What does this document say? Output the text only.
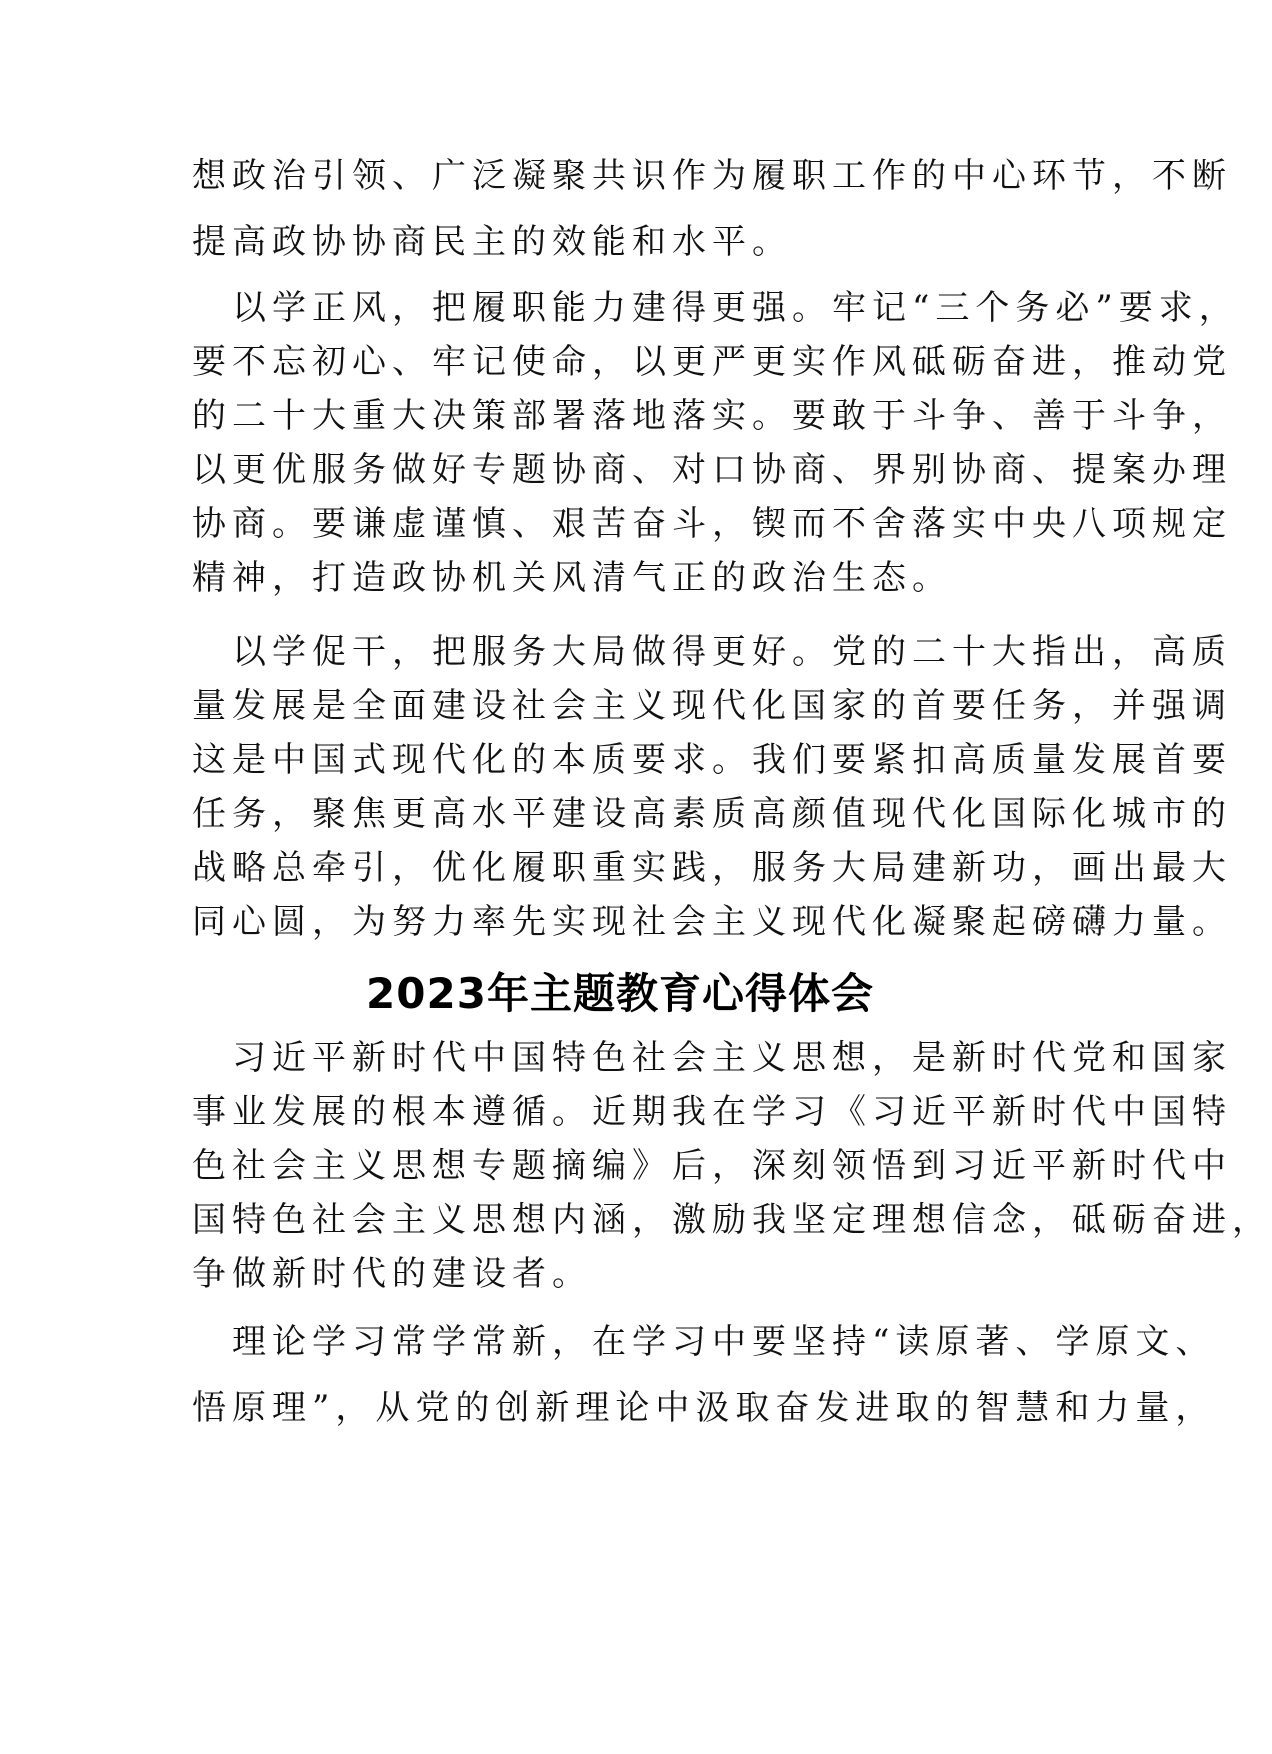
想政治引领、广泛凝聚共识作为履职工作的中心环节，不断
提高政协协商民主的效能和水平。
以学正风，把履职能力建得更强。牢记“三个务必”要求，
要不忘初心、牢记使命，以更严更实作风砥砺奋进，推动党
的二十大重大决策部署落地落实。要敢于斗争、善于斗争，
以更优服务做好专题协商、对口协商、界别协商、提案办理
协商。要谦虚谨慎、艰苦奋斗，锲而不舍落实中央八项规定
精神，打造政协机关风清气正的政治生态。
以学促干，把服务大局做得更好。党的二十大指出，高质
量发展是全面建设社会主义现代化国家的首要任务，并强调
这是中国式现代化的本质要求。我们要紧扣高质量发展首要
任务，聚焦更高水平建设高素质高颜值现代化国际化城市的
战略总牵引，优化履职重实践，服务大局建新功，画出最大
同心圆，为努力率先实现社会主义现代化凝聚起磅礴力量。
2023年主题教育心得体会
习近平新时代中国特色社会主义思想，是新时代党和国家
事业发展的根本遵循。近期我在学习《习近平新时代中国特
色社会主义思想专题摘编》后，深刻领悟到习近平新时代中
国特色社会主义思想内涵，激励我坚定理想信念，砥砺奋进，
争做新时代的建设者。
理论学习常学常新，在学习中要坚持“读原著、学原文、
悟原理”，从党的创新理论中汲取奋发进取的智慧和力量，
